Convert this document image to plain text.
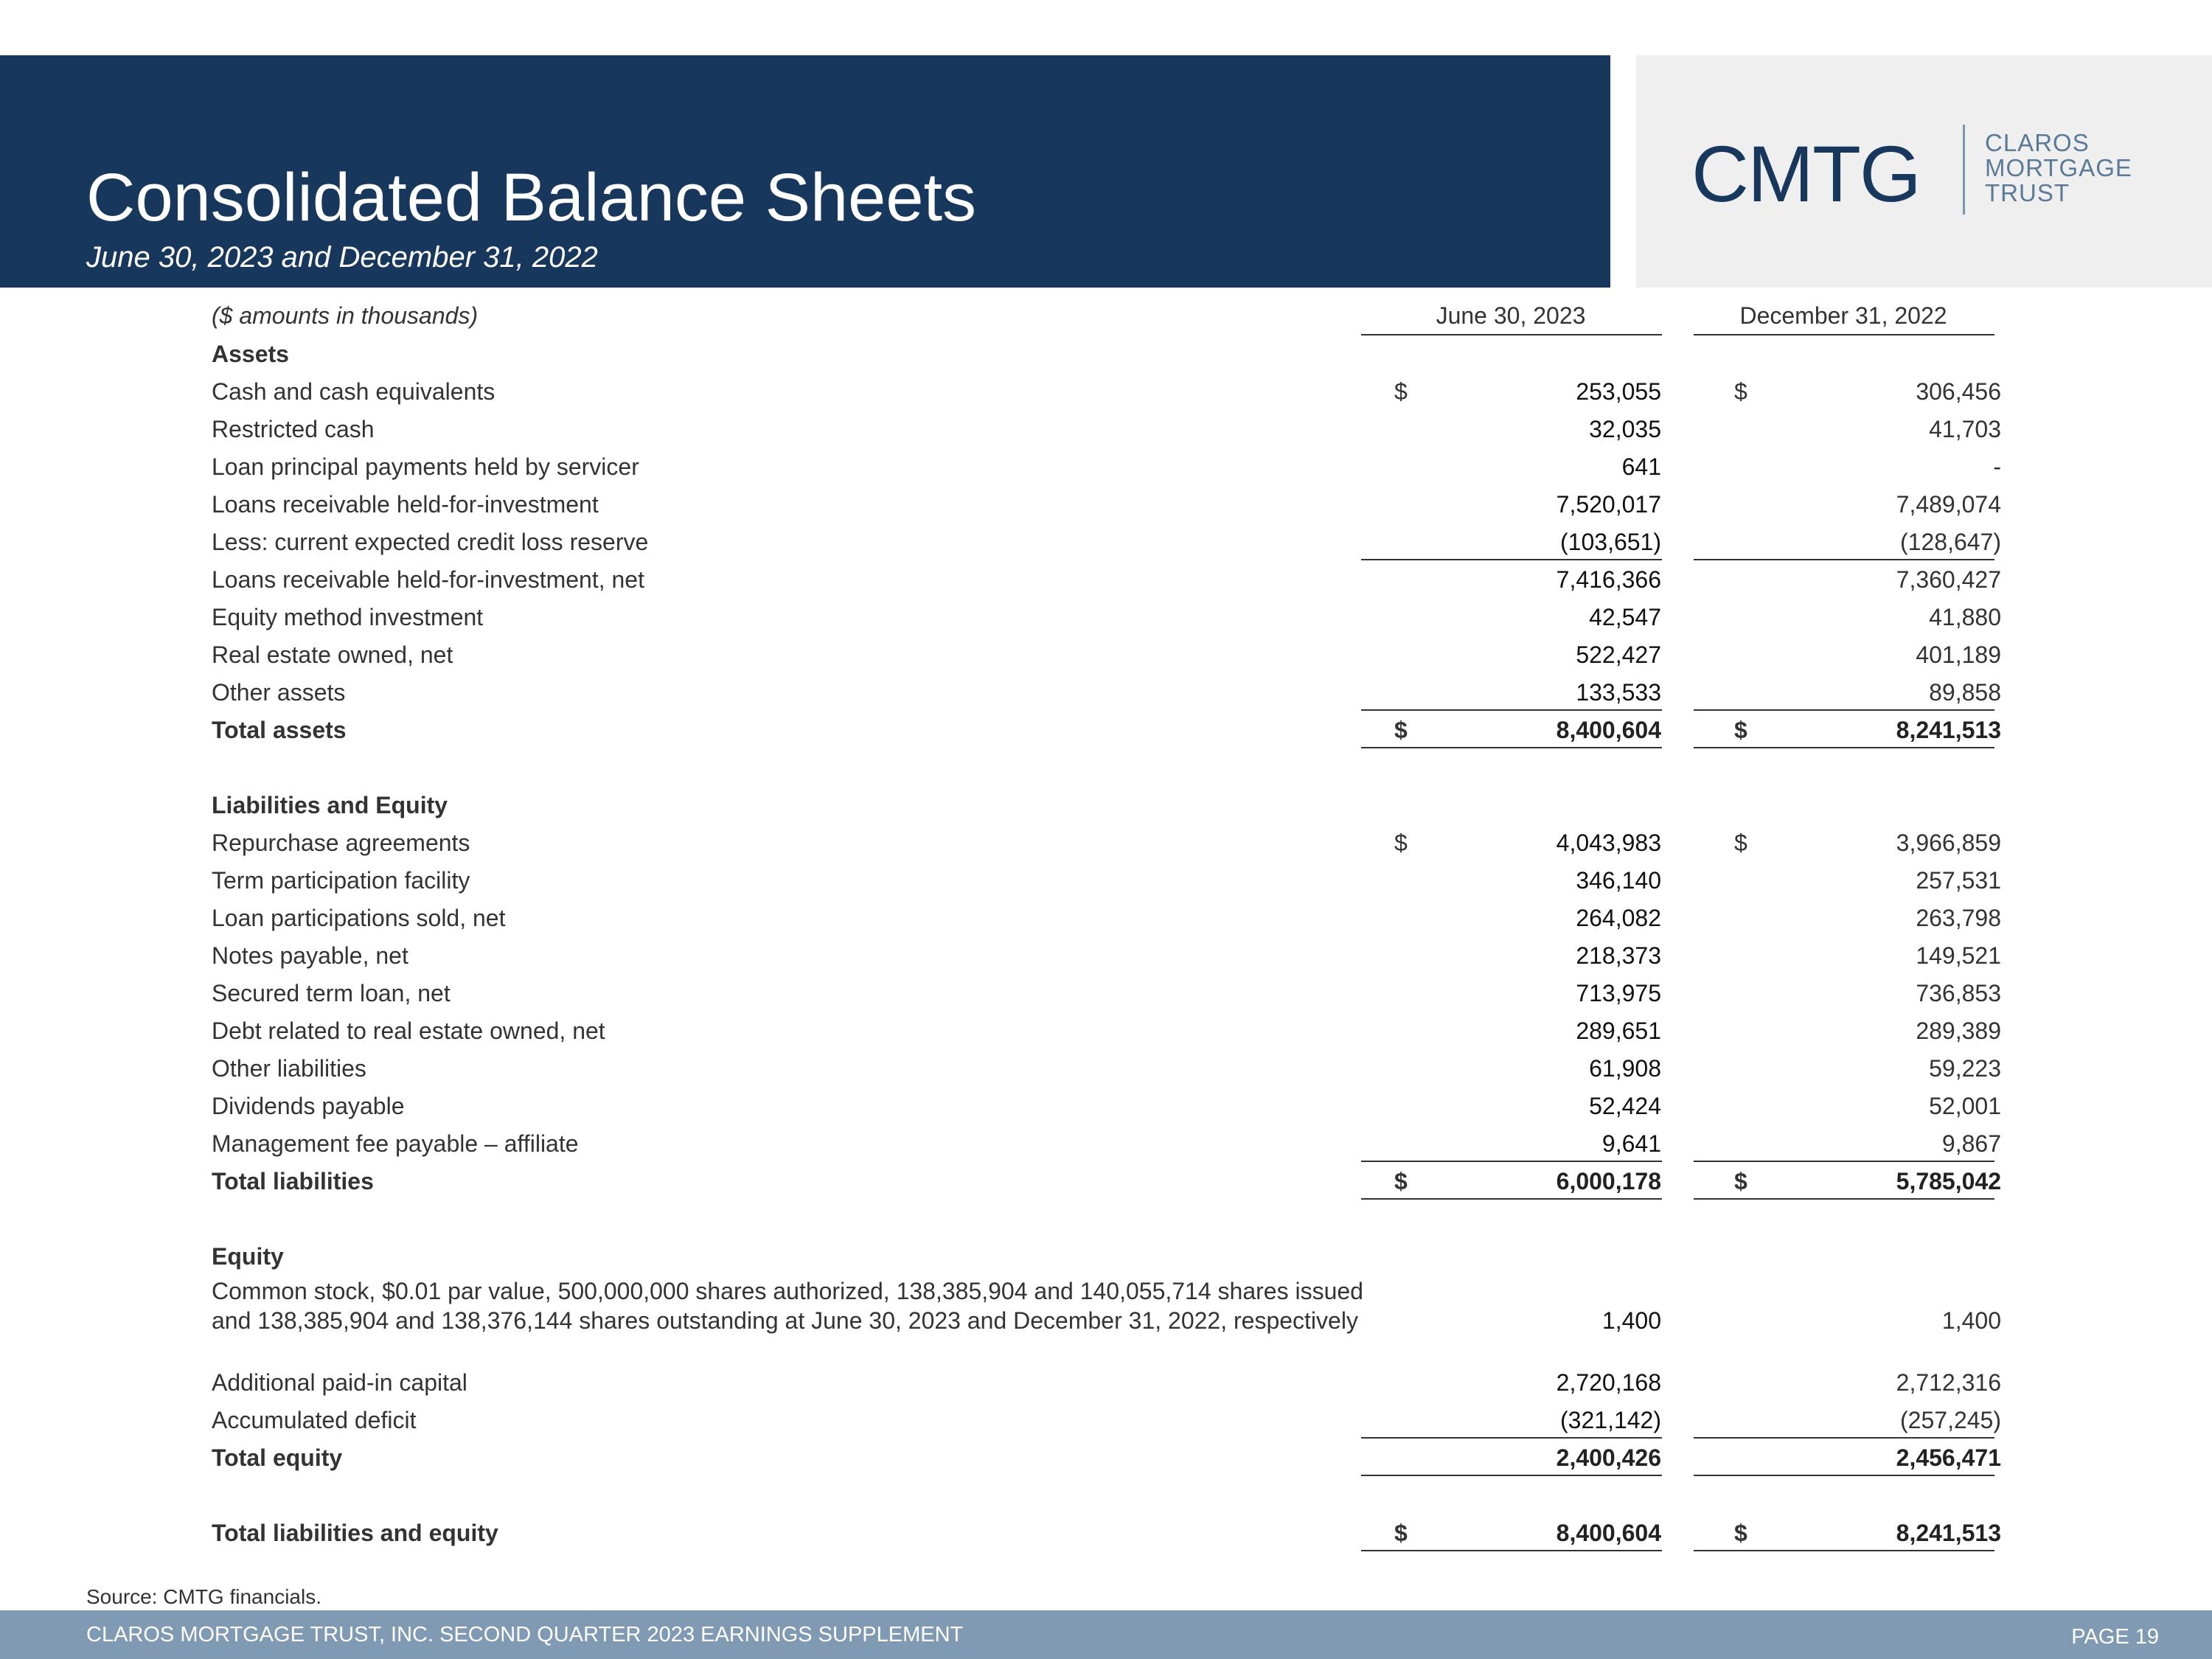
Consolidated Balance Sheets
June 30, 2023 and December 31, 2022
CMTG	CLAROS
MORTGAGE
TRUST
($ amounts in thousands)	June 30, 2023	December 31, 2022
Assets
Cash and cash equivalents	$	253,055	$	306,456
Restricted cash	32,035	41,703
Loan principal payments held by servicer	641	-
Loans receivable held-for-investment	7,520,017	7,489,074
Less: current expected credit loss reserve	(103,651)	(128,647)
Loans receivable held-for-investment, net	7,416,366	7,360,427
Equity method investment	42,547	41,880
Real estate owned, net	522,427	401,189
Other assets	133,533	89,858
Total assets	$	8,400,604	$	8,241,513
Liabilities and Equity
Repurchase agreements	$	4,043,983	$	3,966,859
Term participation facility	346,140	257,531
Loan participations sold, net	264,082	263,798
Notes payable, net	218,373	149,521
Secured term loan, net	713,975	736,853
Debt related to real estate owned, net	289,651	289,389
Other liabilities	61,908	59,223
Dividends payable	52,424	52,001
Management fee payable – affiliate	9,641	9,867
Total liabilities	$	6,000,178	$	5,785,042
Equity
Common stock, $0.01 par value, 500,000,000 shares authorized, 138,385,904 and 140,055,714 shares issued and 138,385,904 and 138,376,144 shares outstanding at June 30, 2023 and December 31, 2022, respectively	1,400	1,400
Additional paid-in capital	2,720,168	2,712,316
Accumulated deficit	(321,142)	(257,245)
Total equity	2,400,426	2,456,471
Total liabilities and equity	$	8,400,604	$	8,241,513
Source: CMTG financials.
CLAROS MORTGAGE TRUST, INC. SECOND QUARTER 2023 EARNINGS SUPPLEMENT	PAGE 19
